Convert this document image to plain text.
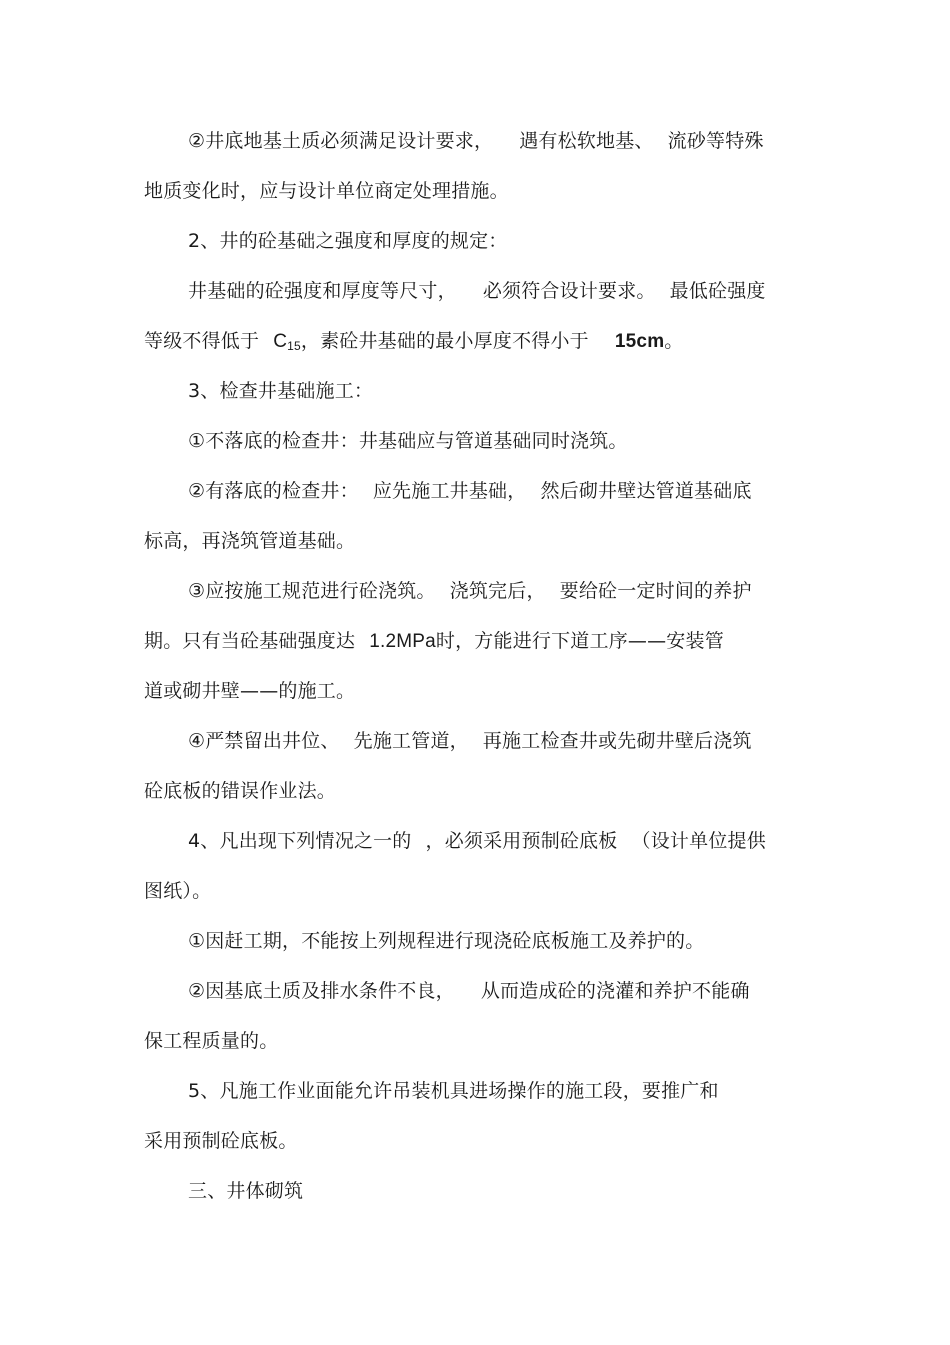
②井底地基土质必须满足设计要求， 遇有松软地基、 流砂等特殊
地质变化时，应与设计单位商定处理措施。
2、井的砼基础之强度和厚度的规定：
井基础的砼强度和厚度等尺寸， 必须符合设计要求。 最低砼强度
等级不得低于 $C_{15}$，素砼井基础的最小厚度不得小于 15cm。
3、检查井基础施工：
①不落底的检查井：井基础应与管道基础同时浇筑。
②有落底的检查井： 应先施工井基础， 然后砌井壁达管道基础底
标高，再浇筑管道基础。
③应按施工规范进行砼浇筑。 浇筑完后， 要给砼一定时间的养护
期。只有当砼基础强度达 1.2MPa时，方能进行下道工序——安装管
道或砌井壁——的施工。
④严禁留出井位、 先施工管道， 再施工检查井或先砌井壁后浇筑
砼底板的错误作业法。
4、凡出现下列情况之一的 ，必须采用预制砼底板 （设计单位提供
图纸）。
①因赶工期，不能按上列规程进行现浇砼底板施工及养护的。
②因基底土质及排水条件不良， 从而造成砼的浇灌和养护不能确
保工程质量的。
5、凡施工作业面能允许吊装机具进场操作的施工段，要推广和
采用预制砼底板。
三、井体砌筑
